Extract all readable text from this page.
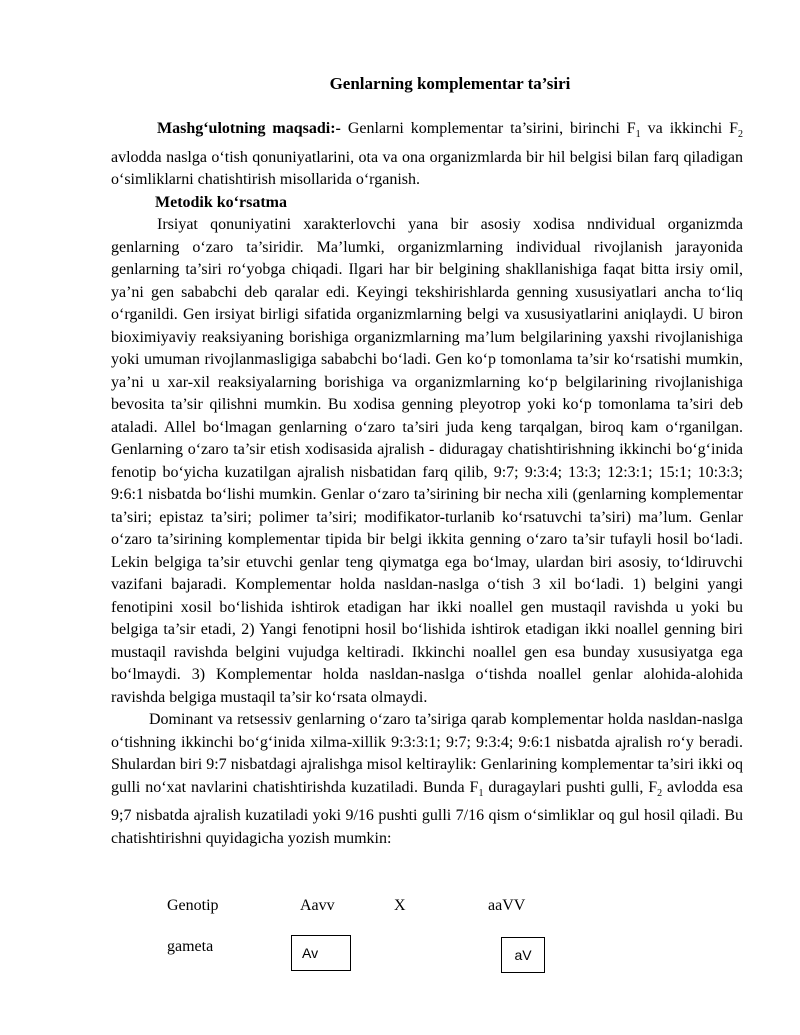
Genlarning komplementar ta’siri

Mashg‘ulotning maqsadi:- Genlarni komplementar ta’sirini, birinchi $F_1$ va ikkinchi $F_2$ avlodda naslga o‘tish qonuniyatlarini, ota va ona organizmlarda bir hil belgisi bilan farq qiladigan o‘simliklarni chatishtirish misollarida o‘rganish.

Metodik ko‘rsatma

Irsiyat qonuniyatini xarakterlovchi yana bir asosiy xodisa nndividual organizmda genlarning o‘zaro ta’siridir. Ma’lumki, organizmlarning individual rivojlanish jarayonida genlarning ta’siri ro‘yobga chiqadi. Ilgari har bir belgining shakllanishiga faqat bitta irsiy omil, ya’ni gen sababchi deb qaralar edi. Keyingi tekshirishlarda genning xususiyatlari ancha to‘liq o‘rganildi. Gen irsiyat birligi sifatida organizmlarning belgi va xususiyatlarini aniqlaydi. U biron bioximiyaviy reaksiyaning borishiga organizmlarning ma’lum belgilarining yaxshi rivojlanishiga yoki umuman rivojlanmasligiga sababchi bo‘ladi. Gen ko‘p tomonlama ta’sir ko‘rsatishi mumkin, ya’ni u xar-xil reaksiyalarning borishiga va organizmlarning ko‘p belgilarining rivojlanishiga bevosita ta’sir qilishni mumkin. Bu xodisa genning pleyotrop yoki ko‘p tomonlama ta’siri deb ataladi. Allel bo‘lmagan genlarning o‘zaro ta’siri juda keng tarqalgan, biroq kam o‘rganilgan. Genlarning o‘zaro ta’sir etish xodisasida ajralish - diduragay chatishtirishning ikkinchi bo‘g‘inida fenotip bo‘yicha kuzatilgan ajralish nisbatidan farq qilib, 9:7; 9:3:4; 13:3; 12:3:1; 15:1; 10:3:3; 9:6:1 nisbatda bo‘lishi mumkin. Genlar o‘zaro ta’sirining bir necha xili (genlarning komplementar ta’siri; epistaz ta’siri; polimer ta’siri; modifikator-turlanib ko‘rsatuvchi ta’siri) ma’lum. Genlar o‘zaro ta’sirining komplementar tipida bir belgi ikkita genning o‘zaro ta’sir tufayli hosil bo‘ladi. Lekin belgiga ta’sir etuvchi genlar teng qiymatga ega bo‘lmay, ulardan biri asosiy, to‘ldiruvchi vazifani bajaradi. Komplementar holda nasldan-naslga o‘tish 3 xil bo‘ladi. 1) belgini yangi fenotipini xosil bo‘lishida ishtirok etadigan har ikki noallel gen mustaqil ravishda u yoki bu belgiga ta’sir etadi, 2) Yangi fenotipni hosil bo‘lishida ishtirok etadigan ikki noallel genning biri mustaqil ravishda belgini vujudga keltiradi. Ikkinchi noallel gen esa bunday xususiyatga ega bo‘lmaydi. 3) Komplementar holda nasldan-naslga o‘tishda noallel genlar alohida-alohida ravishda belgiga mustaqil ta’sir ko‘rsata olmaydi.

Dominant va retsessiv genlarning o‘zaro ta’siriga qarab komplementar holda nasldan-naslga o‘tishning ikkinchi bo‘g‘inida xilma-xillik 9:3:3:1; 9:7; 9:3:4; 9:6:1 nisbatda ajralish ro‘y beradi. Shulardan biri 9:7 nisbatdagi ajralishga misol keltiraylik: Genlarining komplementar ta’siri ikki oq gulli no‘xat navlarini chatishtirishda kuzatiladi. Bunda $F_1$ duragaylari pushti gulli, $F_2$ avlodda esa 9;7 nisbatda ajralish kuzatiladi yoki 9/16 pushti gulli 7/16 qism o‘simliklar oq gul hosil qiladi. Bu chatishtirishni quyidagicha yozish mumkin:

Genotip	Aavv	X	aaVV
gameta	Av	aV
